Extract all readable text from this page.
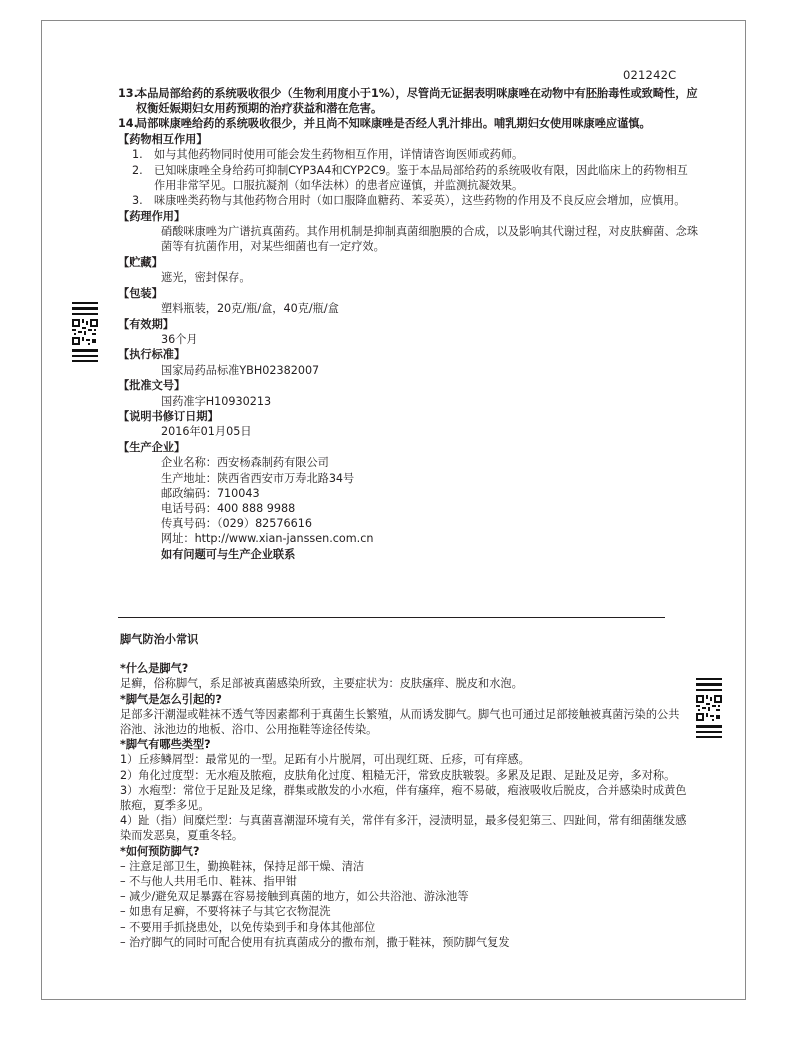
021242C
13.
本品局部给药的系统吸收很少（生物利用度小于1%），尽管尚无证据表明咪康唑在动物中有胚胎毒性或致畸性，应权衡妊娠期妇女用药预期的治疗获益和潜在危害。
14.
局部咪康唑给药的系统吸收很少，并且尚不知咪康唑是否经人乳汁排出。哺乳期妇女使用咪康唑应谨慎。
【药物相互作用】
1. 如与其他药物同时使用可能会发生药物相互作用，详情请咨询医师或药师。
2. 已知咪康唑全身给药可抑制CYP3A4和CYP2C9。鉴于本品局部给药的系统吸收有限，因此临床上的药物相互作用非常罕见。口服抗凝剂（如华法林）的患者应谨慎，并监测抗凝效果。
3. 咪康唑类药物与其他药物合用时（如口服降血糖药、苯妥英），这些药物的作用及不良反应会增加，应慎用。
【药理作用】
硝酸咪康唑为广谱抗真菌药。其作用机制是抑制真菌细胞膜的合成，以及影响其代谢过程，对皮肤癣菌、念珠菌等有抗菌作用，对某些细菌也有一定疗效。
【贮藏】
遮光，密封保存。
【包装】
塑料瓶装，20克/瓶/盒，40克/瓶/盒
【有效期】
36个月
【执行标准】
国家局药品标准YBH02382007
【批准文号】
国药准字H10930213
【说明书修订日期】
2016年01月05日
【生产企业】
企业名称：西安杨森制药有限公司
生产地址：陕西省西安市万寿北路34号
邮政编码：710043
电话号码：400 888 9988
传真号码：（029）82576616
网址：http://www.xian-janssen.com.cn
如有问题可与生产企业联系
脚气防治小常识
*什么是脚气?
足癣，俗称脚气，系足部被真菌感染所致，主要症状为：皮肤瘙痒、脱皮和水泡。
*脚气是怎么引起的?
足部多汗潮湿或鞋袜不透气等因素都利于真菌生长繁殖，从而诱发脚气。脚气也可通过足部接触被真菌污染的公共浴池、泳池边的地板、浴巾、公用拖鞋等途径传染。
*脚气有哪些类型?
1）丘疹鳞屑型：最常见的一型。足跖有小片脱屑，可出现红斑、丘疹，可有痒感。
2）角化过度型：无水疱及脓疱，皮肤角化过度、粗糙无汗，常致皮肤皲裂。多累及足跟、足趾及足旁，多对称。
3）水疱型：常位于足趾及足缘，群集或散发的小水疱，伴有瘙痒，疱不易破，疱液吸收后脱皮，合并感染时成黄色脓疱，夏季多见。
4）趾（指）间糜烂型：与真菌喜潮湿环境有关，常伴有多汗，浸渍明显，最多侵犯第三、四趾间，常有细菌继发感染而发恶臭，夏重冬轻。
*如何预防脚气?
– 注意足部卫生，勤换鞋袜，保持足部干燥、清洁
– 不与他人共用毛巾、鞋袜、指甲钳
– 减少/避免双足暴露在容易接触到真菌的地方，如公共浴池、游泳池等
– 如患有足癣，不要将袜子与其它衣物混洗
– 不要用手抓挠患处，以免传染到手和身体其他部位
– 治疗脚气的同时可配合使用有抗真菌成分的撒布剂，撒于鞋袜，预防脚气复发
